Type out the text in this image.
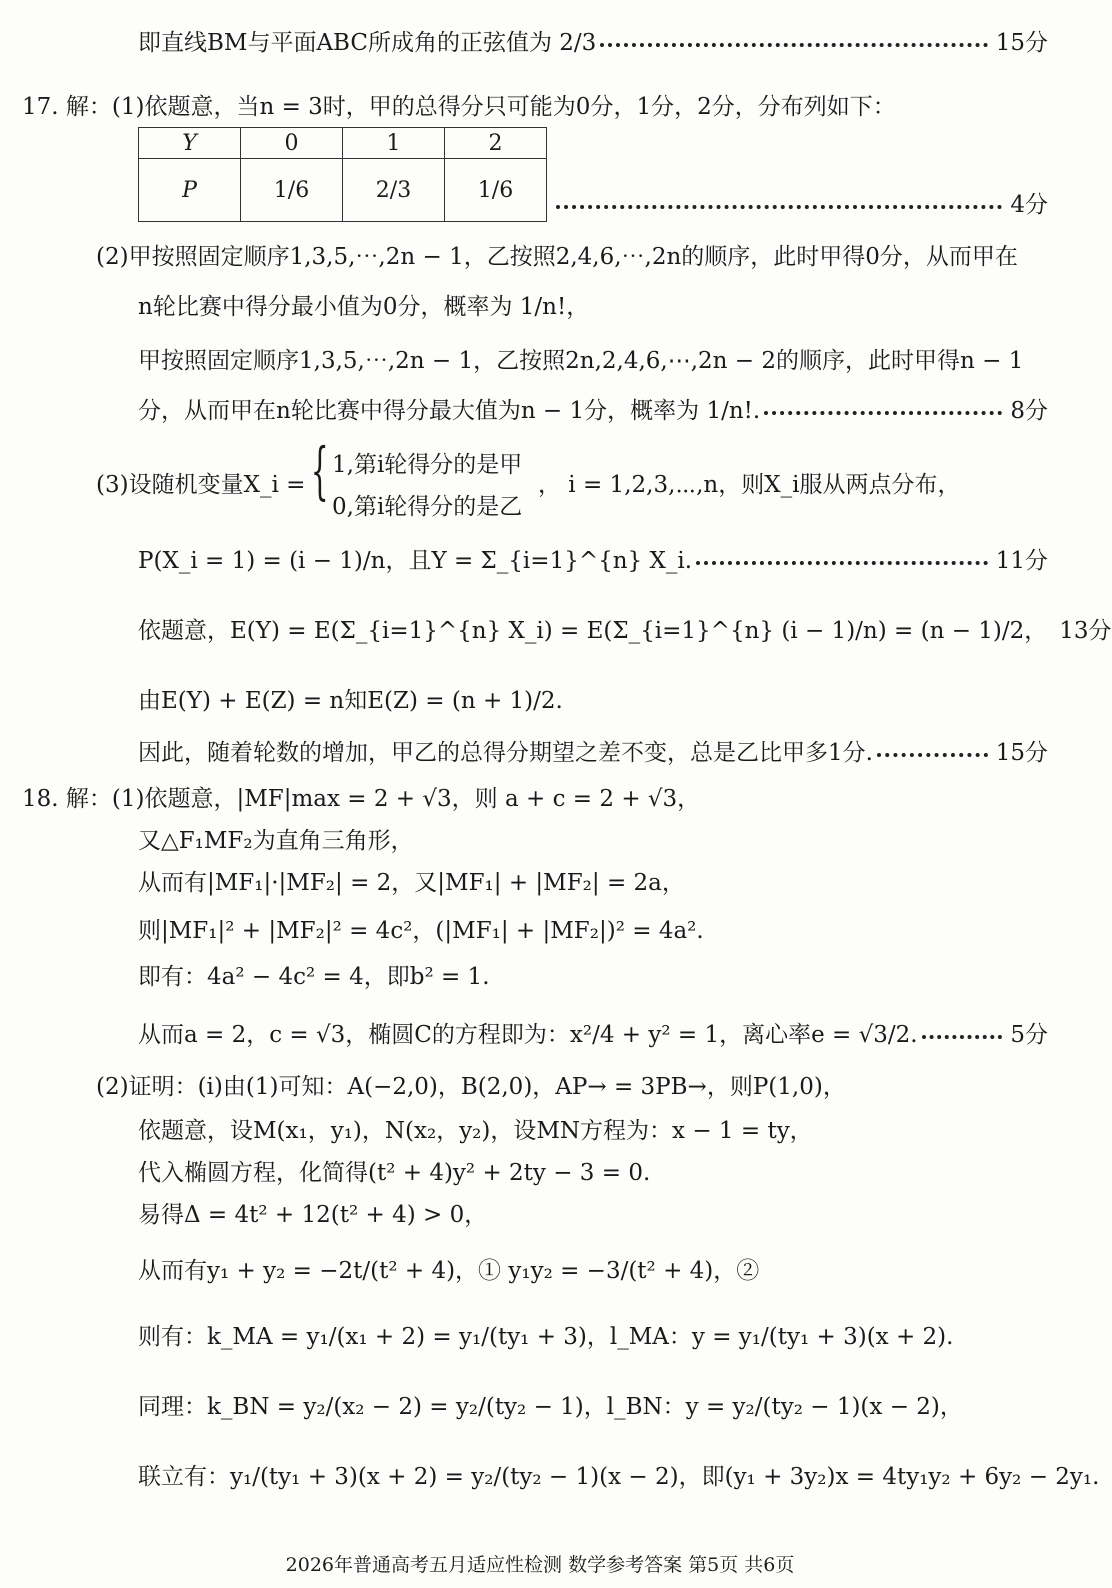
即直线BM与平面ABC所成角的正弦值为 2/3	15分
17. 解：(1)依题意，当n = 3时，甲的总得分只可能为0分，1分，2分，分布列如下：
Y	0	1	2
P	1/6	2/3	1/6
4分
(2)甲按照固定顺序1,3,5,⋯,2n − 1，乙按照2,4,6,⋯,2n的顺序，此时甲得0分，从而甲在
n轮比赛中得分最小值为0分，概率为 1/n!，
甲按照固定顺序1,3,5,⋯,2n − 1，乙按照2n,2,4,6,⋯,2n − 2的顺序，此时甲得n − 1
分，从而甲在n轮比赛中得分最大值为n − 1分，概率为 1/n!.	8分
(3)设随机变量X_i = { 1,第i轮得分的是甲
0,第i轮得分的是乙
， i = 1,2,3,⋯,n，则X_i服从两点分布，
P(X_i = 1) = (i − 1)/n，且Y = Σ_{i=1}^{n} X_i.	11分
依题意，E(Y) = E(Σ_{i=1}^{n} X_i) = E(Σ_{i=1}^{n} (i − 1)/n) = (n − 1)/2， 13分
由E(Y) + E(Z) = n知E(Z) = (n + 1)/2.
因此，随着轮数的增加，甲乙的总得分期望之差不变，总是乙比甲多1分.	15分
18. 解：(1)依题意，|MF|max = 2 + √3，则 a + c = 2 + √3，
又△F₁MF₂为直角三角形，
从而有|MF₁|·|MF₂| = 2，又|MF₁| + |MF₂| = 2a，
则|MF₁|² + |MF₂|² = 4c²，(|MF₁| + |MF₂|)² = 4a².
即有：4a² − 4c² = 4，即b² = 1.
从而a = 2，c = √3，椭圆C的方程即为：x²/4 + y² = 1，离心率e = √3/2.	5分
(2)证明：(i)由(1)可知：A(−2,0)，B(2,0)，AP→ = 3PB→，则P(1,0)，
依题意，设M(x₁，y₁)，N(x₂，y₂)，设MN方程为：x − 1 = ty，
代入椭圆方程，化简得(t² + 4)y² + 2ty − 3 = 0.
易得Δ = 4t² + 12(t² + 4) > 0，
从而有y₁ + y₂ = −2t/(t² + 4)，① y₁y₂ = −3/(t² + 4)，②
则有：k_MA = y₁/(x₁ + 2) = y₁/(ty₁ + 3)，l_MA：y = y₁/(ty₁ + 3)(x + 2).
同理：k_BN = y₂/(x₂ − 2) = y₂/(ty₂ − 1)，l_BN：y = y₂/(ty₂ − 1)(x − 2)，
联立有：y₁/(ty₁ + 3)(x + 2) = y₂/(ty₂ − 1)(x − 2)，即(y₁ + 3y₂)x = 4ty₁y₂ + 6y₂ − 2y₁.
2026年普通高考五月适应性检测 数学参考答案 第5页 共6页
